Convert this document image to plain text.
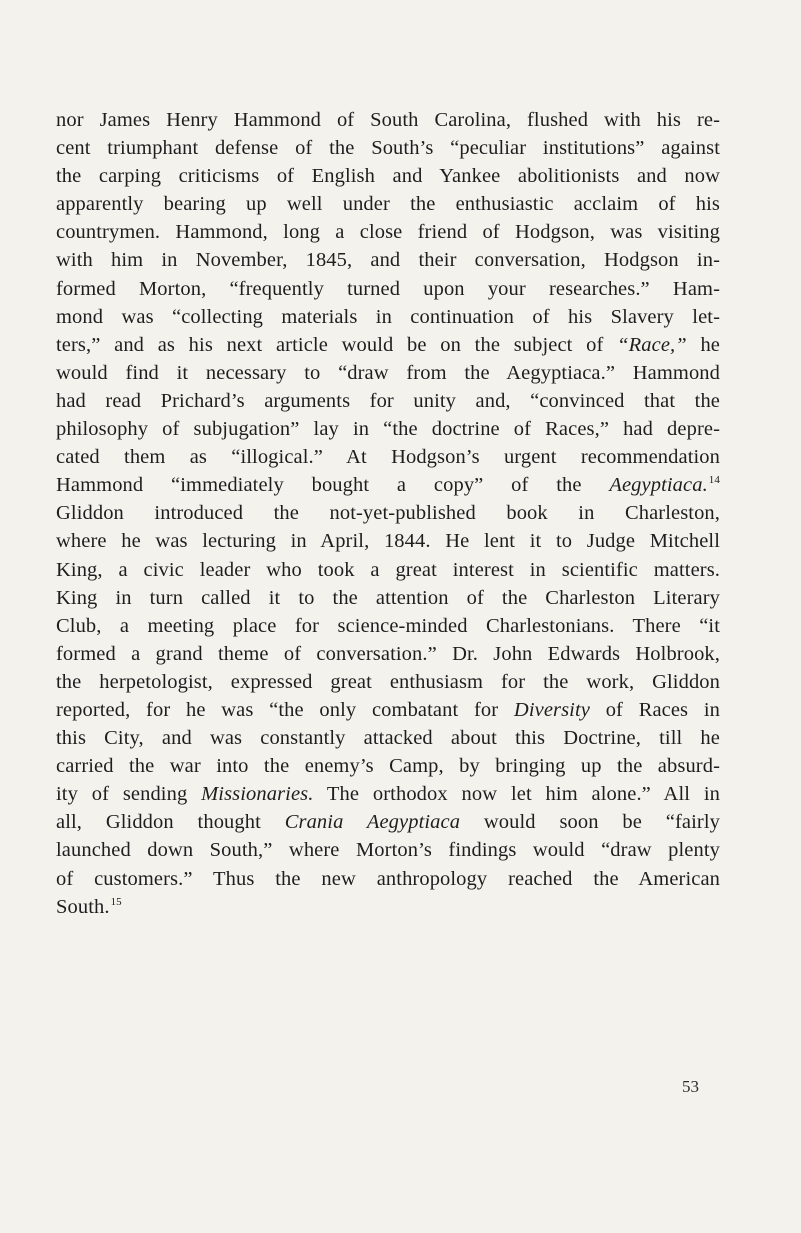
nor James Henry Hammond of South Carolina, flushed with his re-
cent triumphant defense of the South’s “peculiar institutions” against
the carping criticisms of English and Yankee abolitionists and now
apparently bearing up well under the enthusiastic acclaim of his
countrymen. Hammond, long a close friend of Hodgson, was visiting
with him in November, 1845, and their conversation, Hodgson in-
formed Morton, “frequently turned upon your researches.” Ham-
mond was “collecting materials in continuation of his Slavery let-
ters,” and as his next article would be on the subject of “Race,” he
would find it necessary to “draw from the Aegyptiaca.” Hammond
had read Prichard’s arguments for unity and, “convinced that the
philosophy of subjugation” lay in “the doctrine of Races,” had depre-
cated them as “illogical.” At Hodgson’s urgent recommendation
Hammond “immediately bought a copy” of the Aegyptiaca.$^{14}$
Gliddon introduced the not-yet-published book in Charleston,
where he was lecturing in April, 1844. He lent it to Judge Mitchell
King, a civic leader who took a great interest in scientific matters.
King in turn called it to the attention of the Charleston Literary
Club, a meeting place for science-minded Charlestonians. There “it
formed a grand theme of conversation.” Dr. John Edwards Holbrook,
the herpetologist, expressed great enthusiasm for the work, Gliddon
reported, for he was “the only combatant for Diversity of Races in
this City, and was constantly attacked about this Doctrine, till he
carried the war into the enemy’s Camp, by bringing up the absurd-
ity of sending Missionaries. The orthodox now let him alone.” All in
all, Gliddon thought Crania Aegyptiaca would soon be “fairly
launched down South,” where Morton’s findings would “draw plenty
of customers.” Thus the new anthropology reached the American
South.$^{15}$
53
